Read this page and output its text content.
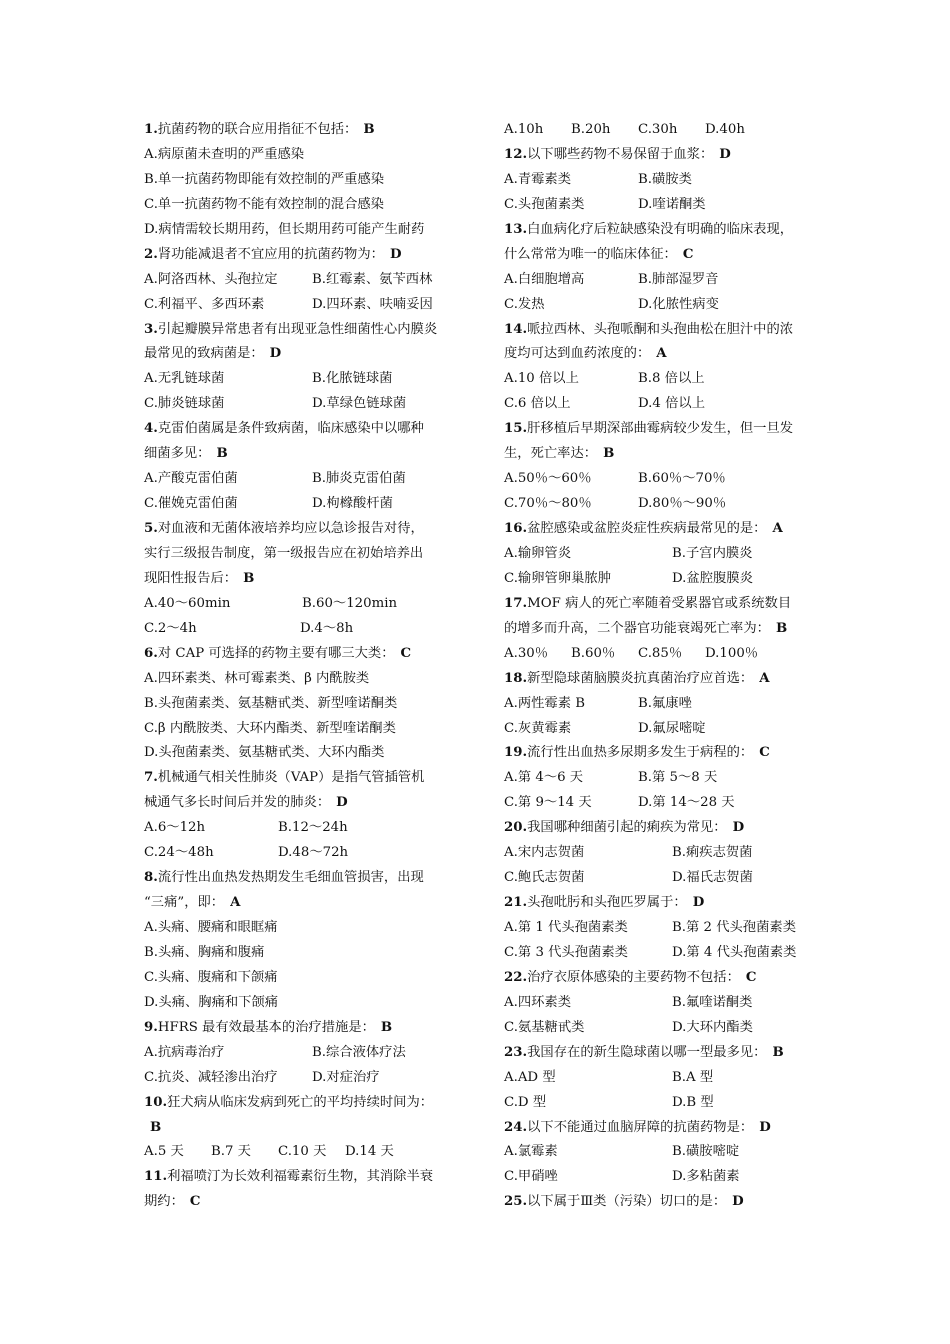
1.抗菌药物的联合应用指征不包括： B
A.病原菌未查明的严重感染
B.单一抗菌药物即能有效控制的严重感染
C.单一抗菌药物不能有效控制的混合感染
D.病情需较长期用药，但长期用药可能产生耐药
2.肾功能减退者不宜应用的抗菌药物为： D
A.阿洛西林、头孢拉定	B.红霉素、氨苄西林
C.利福平、多西环素	D.四环素、呋喃妥因
3.引起瓣膜异常患者有出现亚急性细菌性心内膜炎
最常见的致病菌是： D
A.无乳链球菌	B.化脓链球菌
C.肺炎链球菌	D.草绿色链球菌
4.克雷伯菌属是条件致病菌，临床感染中以哪种
细菌多见： B
A.产酸克雷伯菌	B.肺炎克雷伯菌
C.催娩克雷伯菌	D.枸橼酸杆菌
5.对血液和无菌体液培养均应以急诊报告对待，
实行三级报告制度，第一级报告应在初始培养出
现阳性报告后： B
A.40～60min	B.60～120min
C.2～4h	D.4～8h
6.对 CAP 可选择的药物主要有哪三大类： C
A.四环素类、林可霉素类、β 内酰胺类
B.头孢菌素类、氨基糖甙类、新型喹诺酮类
C.β 内酰胺类、大环内酯类、新型喹诺酮类
D.头孢菌素类、氨基糖甙类、大环内酯类
7.机械通气相关性肺炎（VAP）是指气管插管机
械通气多长时间后并发的肺炎： D
A.6～12h	B.12～24h
C.24～48h	D.48～72h
8.流行性出血热发热期发生毛细血管损害，出现
“三痛”，即： A
A.头痛、腰痛和眼眶痛
B.头痛、胸痛和腹痛
C.头痛、腹痛和下颌痛
D.头痛、胸痛和下颌痛
9.HFRS 最有效最基本的治疗措施是： B
A.抗病毒治疗	B.综合液体疗法
C.抗炎、减轻渗出治疗	D.对症治疗
10.狂犬病从临床发病到死亡的平均持续时间为：
B
A.5 天 B.7 天 C.10 天 D.14 天
11.利福喷汀为长效利福霉素衍生物，其消除半衰
期约： C
A.10h B.20h C.30h D.40h
12.以下哪些药物不易保留于血浆： D
A.青霉素类	B.磺胺类
C.头孢菌素类	D.喹诺酮类
13.白血病化疗后粒缺感染没有明确的临床表现，
什么常常为唯一的临床体征： C
A.白细胞增高	B.肺部湿罗音
C.发热	D.化脓性病变
14.哌拉西林、头孢哌酮和头孢曲松在胆汁中的浓
度均可达到血药浓度的： A
A.10 倍以上	B.8 倍以上
C.6 倍以上	D.4 倍以上
15.肝移植后早期深部曲霉病较少发生，但一旦发
生，死亡率达： B
A.50％～60％	B.60％～70％
C.70％～80％	D.80％～90％
16.盆腔感染或盆腔炎症性疾病最常见的是： A
A.输卵管炎	B.子宫内膜炎
C.输卵管卵巢脓肿	D.盆腔腹膜炎
17.MOF 病人的死亡率随着受累器官或系统数目
的增多而升高，二个器官功能衰竭死亡率为： B
A.30％ B.60％ C.85％ D.100％
18.新型隐球菌脑膜炎抗真菌治疗应首选： A
A.两性霉素 B	B.氟康唑
C.灰黄霉素	D.氟尿嘧啶
19.流行性出血热多尿期多发生于病程的： C
A.第 4～6 天	B.第 5～8 天
C.第 9～14 天	D.第 14～28 天
20.我国哪种细菌引起的痢疾为常见： D
A.宋内志贺菌	B.痢疾志贺菌
C.鲍氏志贺菌	D.福氏志贺菌
21.头孢吡肟和头孢匹罗属于： D
A.第 1 代头孢菌素类	B.第 2 代头孢菌素类
C.第 3 代头孢菌素类	D.第 4 代头孢菌素类
22.治疗衣原体感染的主要药物不包括： C
A.四环素类	B.氟喹诺酮类
C.氨基糖甙类	D.大环内酯类
23.我国存在的新生隐球菌以哪一型最多见： B
A.AD 型	B.A 型
C.D 型	D.B 型
24.以下不能通过血脑屏障的抗菌药物是： D
A.氯霉素	B.磺胺嘧啶
C.甲硝唑	D.多粘菌素
25.以下属于Ⅲ类（污染）切口的是： D
